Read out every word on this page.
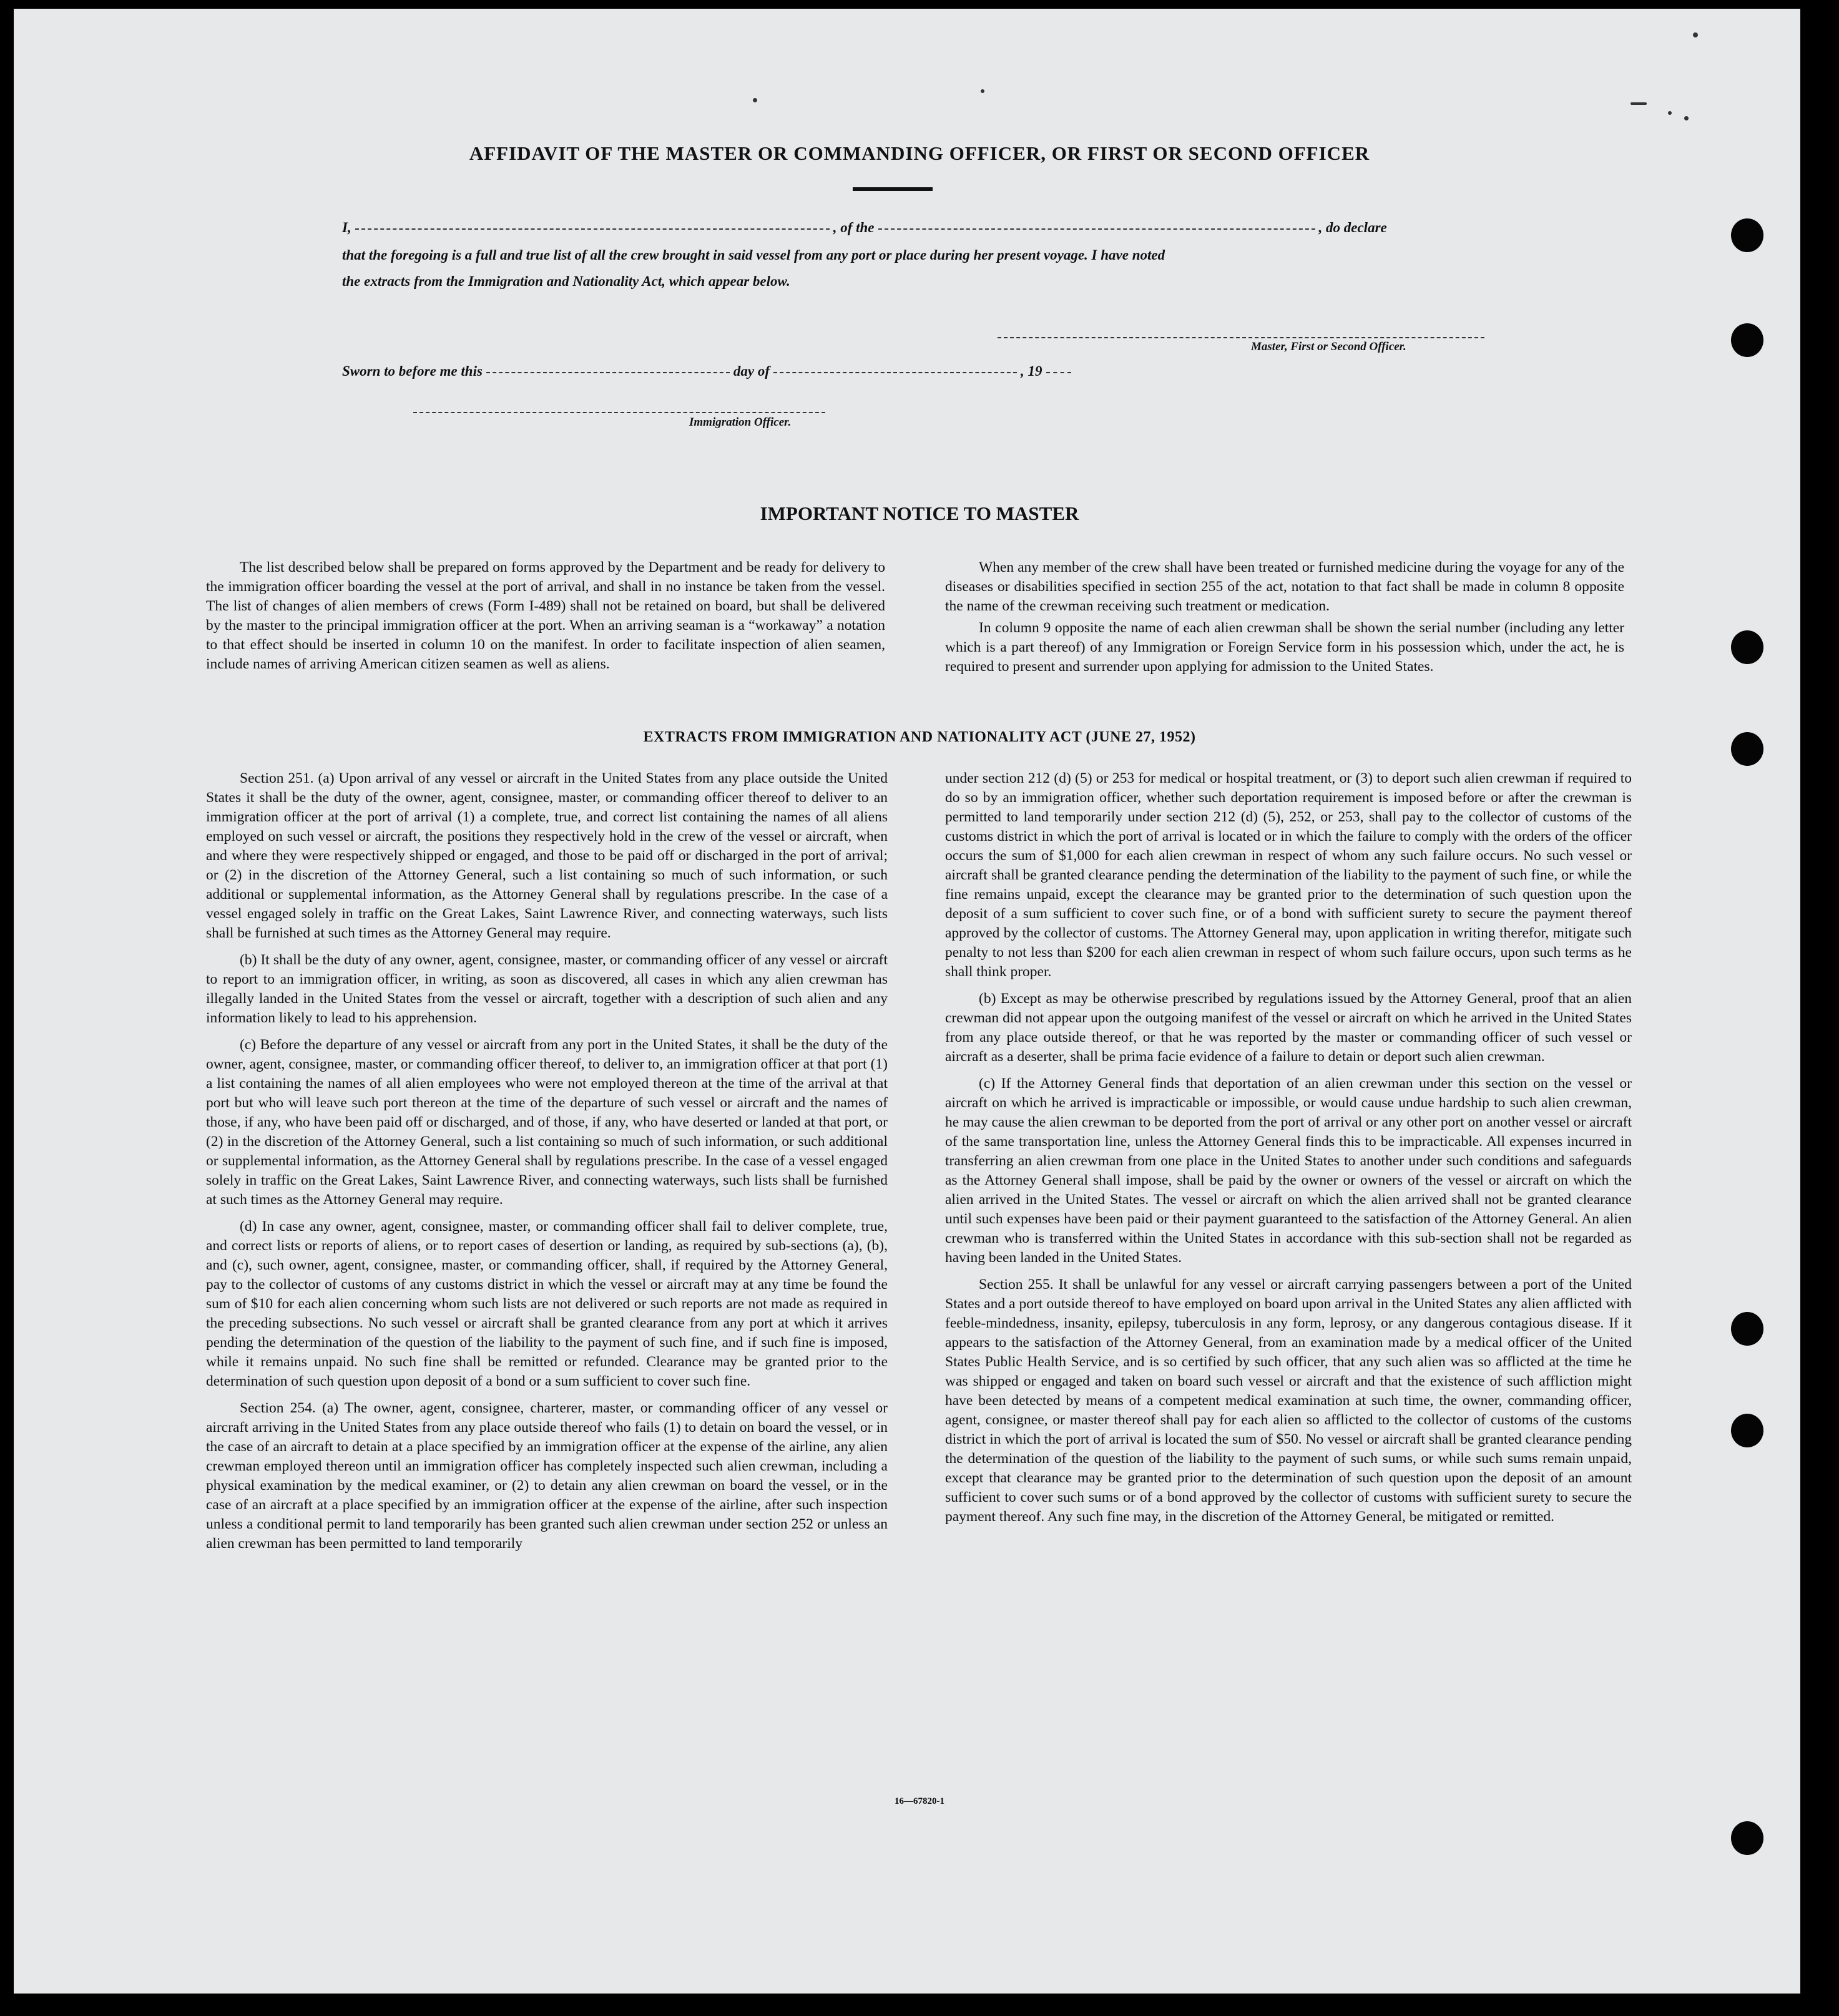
AFFIDAVIT OF THE MASTER OR COMMANDING OFFICER, OR FIRST OR SECOND OFFICER
I,	, of the	, do declare
that the foregoing is a full and true list of all the crew brought in said vessel from any port or place during her present voyage. I have noted
the extracts from the Immigration and Nationality Act, which appear below.
Master, First or Second Officer.
Sworn to before me this	day of	, 19
Immigration Officer.
IMPORTANT NOTICE TO MASTER

The list described below shall be prepared on forms approved by the Department and be ready for delivery to the immigration officer boarding the vessel at the port of arrival, and shall in no instance be taken from the vessel. The list of changes of alien members of crews (Form I-489) shall not be retained on board, but shall be delivered by the master to the principal immigration officer at the port. When an arriving seaman is a “workaway” a notation to that effect should be inserted in column 10 on the manifest. In order to facilitate inspection of alien seamen, include names of arriving American citizen seamen as well as aliens.

When any member of the crew shall have been treated or furnished medicine during the voyage for any of the diseases or disabilities specified in section 255 of the act, notation to that fact shall be made in column 8 opposite the name of the crewman receiving such treatment or medication.

In column 9 opposite the name of each alien crewman shall be shown the serial number (including any letter which is a part thereof) of any Immigration or Foreign Service form in his possession which, under the act, he is required to present and surrender upon applying for admission to the United States.

EXTRACTS FROM IMMIGRATION AND NATIONALITY ACT (JUNE 27, 1952)

Section 251. (a) Upon arrival of any vessel or aircraft in the United States from any place outside the United States it shall be the duty of the owner, agent, consignee, master, or commanding officer thereof to deliver to an immigration officer at the port of arrival (1) a complete, true, and correct list containing the names of all aliens employed on such vessel or aircraft, the positions they respectively hold in the crew of the vessel or aircraft, when and where they were respectively shipped or engaged, and those to be paid off or discharged in the port of arrival; or (2) in the discretion of the Attorney General, such a list containing so much of such information, or such additional or supplemental information, as the Attorney General shall by regulations prescribe. In the case of a vessel engaged solely in traffic on the Great Lakes, Saint Lawrence River, and connecting waterways, such lists shall be furnished at such times as the Attorney General may require.

(b) It shall be the duty of any owner, agent, consignee, master, or commanding officer of any vessel or aircraft to report to an immigration officer, in writing, as soon as discovered, all cases in which any alien crewman has illegally landed in the United States from the vessel or aircraft, together with a description of such alien and any information likely to lead to his apprehension.

(c) Before the departure of any vessel or aircraft from any port in the United States, it shall be the duty of the owner, agent, consignee, master, or commanding officer thereof, to deliver to, an immigration officer at that port (1) a list containing the names of all alien employees who were not employed thereon at the time of the arrival at that port but who will leave such port thereon at the time of the departure of such vessel or aircraft and the names of those, if any, who have been paid off or discharged, and of those, if any, who have deserted or landed at that port, or (2) in the discretion of the Attorney General, such a list containing so much of such information, or such additional or supplemental information, as the Attorney General shall by regulations prescribe. In the case of a vessel engaged solely in traffic on the Great Lakes, Saint Lawrence River, and connecting waterways, such lists shall be furnished at such times as the Attorney General may require.

(d) In case any owner, agent, consignee, master, or commanding officer shall fail to deliver complete, true, and correct lists or reports of aliens, or to report cases of desertion or landing, as required by sub-sections (a), (b), and (c), such owner, agent, consignee, master, or commanding officer, shall, if required by the Attorney General, pay to the collector of customs of any customs district in which the vessel or aircraft may at any time be found the sum of $10 for each alien concerning whom such lists are not delivered or such reports are not made as required in the preceding subsections. No such vessel or aircraft shall be granted clearance from any port at which it arrives pending the determination of the question of the liability to the payment of such fine, and if such fine is imposed, while it remains unpaid. No such fine shall be remitted or refunded. Clearance may be granted prior to the determination of such question upon deposit of a bond or a sum sufficient to cover such fine.

Section 254. (a) The owner, agent, consignee, charterer, master, or commanding officer of any vessel or aircraft arriving in the United States from any place outside thereof who fails (1) to detain on board the vessel, or in the case of an aircraft to detain at a place specified by an immigration officer at the expense of the airline, any alien crewman employed thereon until an immigration officer has completely inspected such alien crewman, including a physical examination by the medical examiner, or (2) to detain any alien crewman on board the vessel, or in the case of an aircraft at a place specified by an immigration officer at the expense of the airline, after such inspection unless a conditional permit to land temporarily has been granted such alien crewman under section 252 or unless an alien crewman has been permitted to land temporarily

under section 212 (d) (5) or 253 for medical or hospital treatment, or (3) to deport such alien crewman if required to do so by an immigration officer, whether such deportation requirement is imposed before or after the crewman is permitted to land temporarily under section 212 (d) (5), 252, or 253, shall pay to the collector of customs of the customs district in which the port of arrival is located or in which the failure to comply with the orders of the officer occurs the sum of $1,000 for each alien crewman in respect of whom any such failure occurs. No such vessel or aircraft shall be granted clearance pending the determination of the liability to the payment of such fine, or while the fine remains unpaid, except the clearance may be granted prior to the determination of such question upon the deposit of a sum sufficient to cover such fine, or of a bond with sufficient surety to secure the payment thereof approved by the collector of customs. The Attorney General may, upon application in writing therefor, mitigate such penalty to not less than $200 for each alien crewman in respect of whom such failure occurs, upon such terms as he shall think proper.

(b) Except as may be otherwise prescribed by regulations issued by the Attorney General, proof that an alien crewman did not appear upon the outgoing manifest of the vessel or aircraft on which he arrived in the United States from any place outside thereof, or that he was reported by the master or commanding officer of such vessel or aircraft as a deserter, shall be prima facie evidence of a failure to detain or deport such alien crewman.

(c) If the Attorney General finds that deportation of an alien crewman under this section on the vessel or aircraft on which he arrived is impracticable or impossible, or would cause undue hardship to such alien crewman, he may cause the alien crewman to be deported from the port of arrival or any other port on another vessel or aircraft of the same transportation line, unless the Attorney General finds this to be impracticable. All expenses incurred in transferring an alien crewman from one place in the United States to another under such conditions and safeguards as the Attorney General shall impose, shall be paid by the owner or owners of the vessel or aircraft on which the alien arrived in the United States. The vessel or aircraft on which the alien arrived shall not be granted clearance until such expenses have been paid or their payment guaranteed to the satisfaction of the Attorney General. An alien crewman who is transferred within the United States in accordance with this sub-section shall not be regarded as having been landed in the United States.

Section 255. It shall be unlawful for any vessel or aircraft carrying passengers between a port of the United States and a port outside thereof to have employed on board upon arrival in the United States any alien afflicted with feeble-mindedness, insanity, epilepsy, tuberculosis in any form, leprosy, or any dangerous contagious disease. If it appears to the satisfaction of the Attorney General, from an examination made by a medical officer of the United States Public Health Service, and is so certified by such officer, that any such alien was so afflicted at the time he was shipped or engaged and taken on board such vessel or aircraft and that the existence of such affliction might have been detected by means of a competent medical examination at such time, the owner, commanding officer, agent, consignee, or master thereof shall pay for each alien so afflicted to the collector of customs of the customs district in which the port of arrival is located the sum of $50. No vessel or aircraft shall be granted clearance pending the determination of the question of the liability to the payment of such sums, or while such sums remain unpaid, except that clearance may be granted prior to the determination of such question upon the deposit of an amount sufficient to cover such sums or of a bond approved by the collector of customs with sufficient surety to secure the payment thereof. Any such fine may, in the discretion of the Attorney General, be mitigated or remitted.

16—67820-1
